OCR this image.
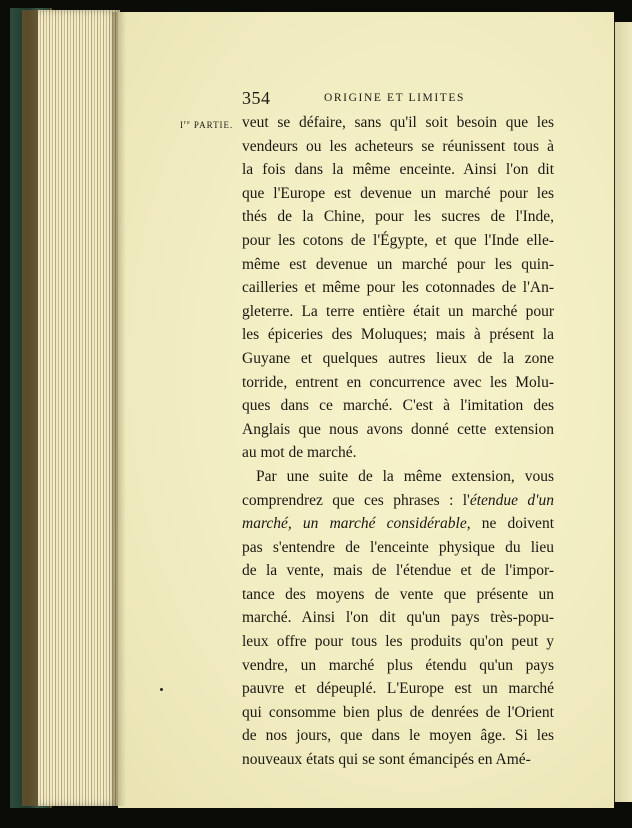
354	ORIGINE ET LIMITES
Ire PARTIE.
veut se défaire, sans qu'il soit besoin que les
vendeurs ou les acheteurs se réunissent tous à
la fois dans la même enceinte. Ainsi l'on dit
que l'Europe est devenue un marché pour les
thés de la Chine, pour les sucres de l'Inde,
pour les cotons de l'Égypte, et que l'Inde elle-
même est devenue un marché pour les quin-
cailleries et même pour les cotonnades de l'An-
gleterre. La terre entière était un marché pour
les épiceries des Moluques; mais à présent la
Guyane et quelques autres lieux de la zone
torride, entrent en concurrence avec les Molu-
ques dans ce marché. C'est à l'imitation des
Anglais que nous avons donné cette extension
au mot de marché.
Par une suite de la même extension, vous
comprendrez que ces phrases : l'étendue d'un
marché, un marché considérable, ne doivent
pas s'entendre de l'enceinte physique du lieu
de la vente, mais de l'étendue et de l'impor-
tance des moyens de vente que présente un
marché. Ainsi l'on dit qu'un pays très-popu-
leux offre pour tous les produits qu'on peut y
vendre, un marché plus étendu qu'un pays
pauvre et dépeuplé. L'Europe est un marché
qui consomme bien plus de denrées de l'Orient
de nos jours, que dans le moyen âge. Si les
nouveaux états qui se sont émancipés en Amé-
